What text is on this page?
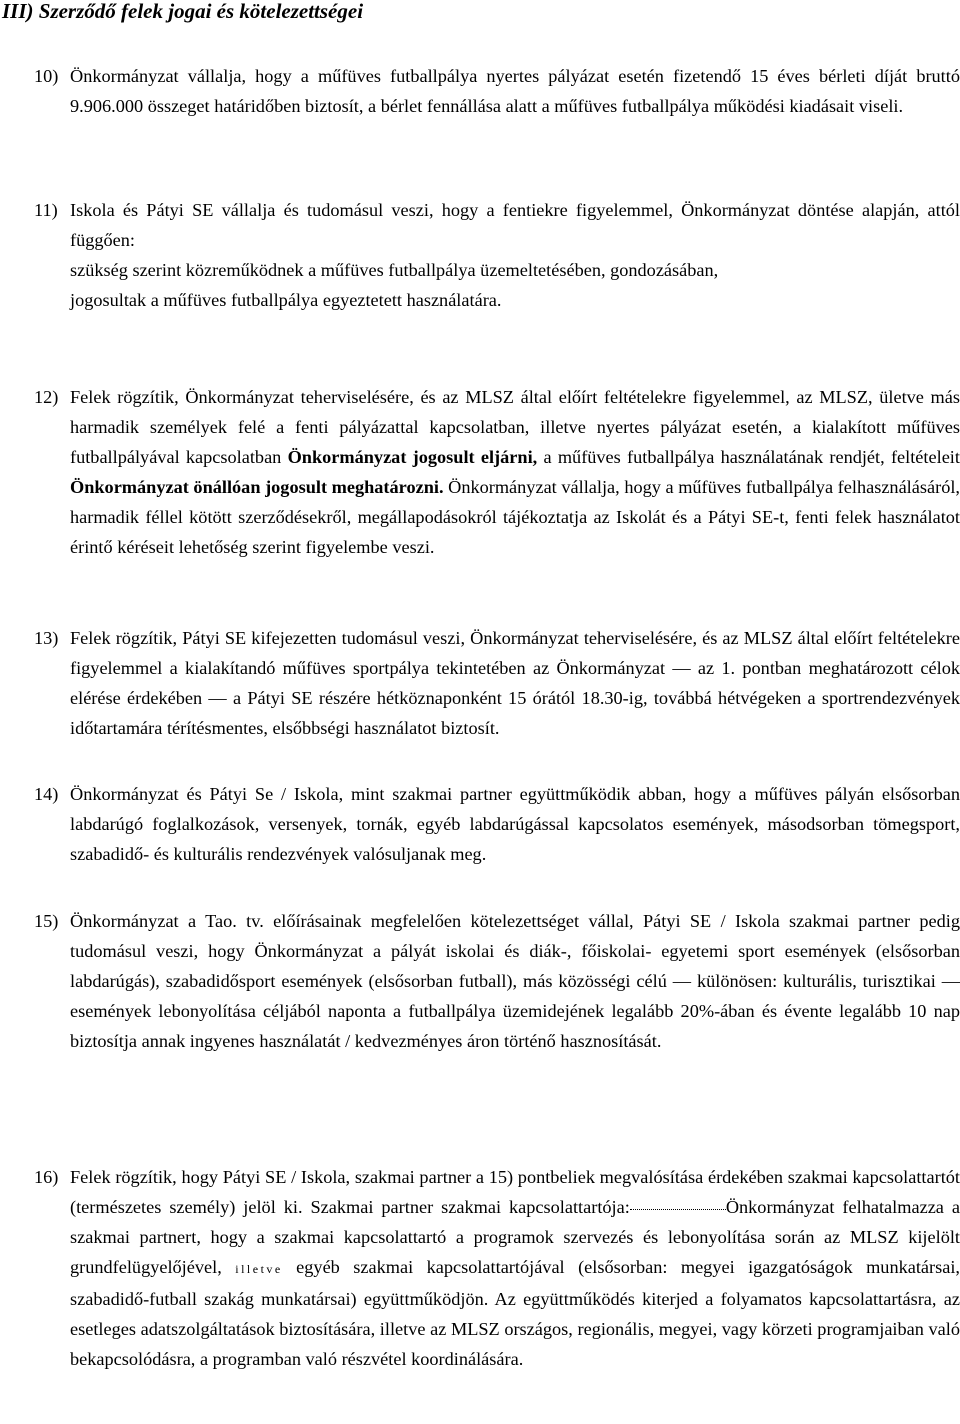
III) Szerződő felek jogai és kötelezettségei
10) Önkormányzat vállalja, hogy a műfüves futballpálya nyertes pályázat esetén fizetendő 15 éves bérleti díját bruttó 9.906.000 összeget határidőben biztosít, a bérlet fennállása alatt a műfüves futballpálya működési kiadásait viseli.

11) Iskola és Pátyi SE vállalja és tudomásul veszi, hogy a fentiekre figyelemmel, Önkormányzat döntése alapján, attól függően:

szükség szerint közreműködnek a műfüves futballpálya üzemeltetésében, gondozásában,

jogosultak a műfüves futballpálya egyeztetett használatára.

12) Felek rögzítik, Önkormányzat teherviselésére, és az MLSZ által előírt feltételekre figyelemmel, az MLSZ, ületve más harmadik személyek felé a fenti pályázattal kapcsolatban, illetve nyertes pályázat esetén, a kialakított műfüves futballpályával kapcsolatban Önkormányzat jogosult eljárni, a műfüves futballpálya használatának rendjét, feltételeit Önkormányzat önállóan jogosult meghatározni. Önkormányzat vállalja, hogy a műfüves futballpálya felhasználásáról, harmadik féllel kötött szerződésekről, megállapodásokról tájékoztatja az Iskolát és a Pátyi SE-t, fenti felek használatot érintő kéréseit lehetőség szerint figyelembe veszi.

13) Felek rögzítik, Pátyi SE kifejezetten tudomásul veszi, Önkormányzat teherviselésére, és az MLSZ által előírt feltételekre figyelemmel a kialakítandó műfüves sportpálya tekintetében az Önkormányzat — az 1. pontban meghatározott célok elérése érdekében — a Pátyi SE részére hétköznaponként 15 órától 18.30-ig, továbbá hétvégeken a sportrendezvények időtartamára térítésmentes, elsőbbségi használatot biztosít.

14) Önkormányzat és Pátyi Se / Iskola, mint szakmai partner együttműködik abban, hogy a műfüves pályán elsősorban labdarúgó foglalkozások, versenyek, tornák, egyéb labdarúgással kapcsolatos események, másodsorban tömegsport, szabadidő- és kulturális rendezvények valósuljanak meg.

15) Önkormányzat a Tao. tv. előírásainak megfelelően kötelezettséget vállal, Pátyi SE / Iskola szakmai partner pedig tudomásul veszi, hogy Önkormányzat a pályát iskolai és diák-, főiskolai- egyetemi sport események (elsősorban labdarúgás), szabadidősport események (elsősorban futball), más közösségi célú — különösen: kulturális, turisztikai — események lebonyolítása céljából naponta a futballpálya üzemidejének legalább 20%-ában és évente legalább 10 nap biztosítja annak ingyenes használatát / kedvezményes áron történő hasznosítását.

16) Felek rögzítik, hogy Pátyi SE / Iskola, szakmai partner a 15) pontbeliek megvalósítása érdekében szakmai kapcsolattartót (természetes személy) jelöl ki. Szakmai partner szakmai kapcsolattartója:	Önkormányzat felhatalmazza a szakmai partnert, hogy a szakmai kapcsolattartó a programok szervezés és lebonyolítása során az MLSZ kijelölt grundfelügyelőjével, illetve egyéb szakmai kapcsolattartójával (elsősorban: megyei igazgatóságok munkatársai, szabadidő-futball szakág munkatársai) együttműködjön. Az együttműködés kiterjed a folyamatos kapcsolattartásra, az esetleges adatszolgáltatások biztosítására, illetve az MLSZ országos, regionális, megyei, vagy körzeti programjaiban való bekapcsolódásra, a programban való részvétel koordinálására.
